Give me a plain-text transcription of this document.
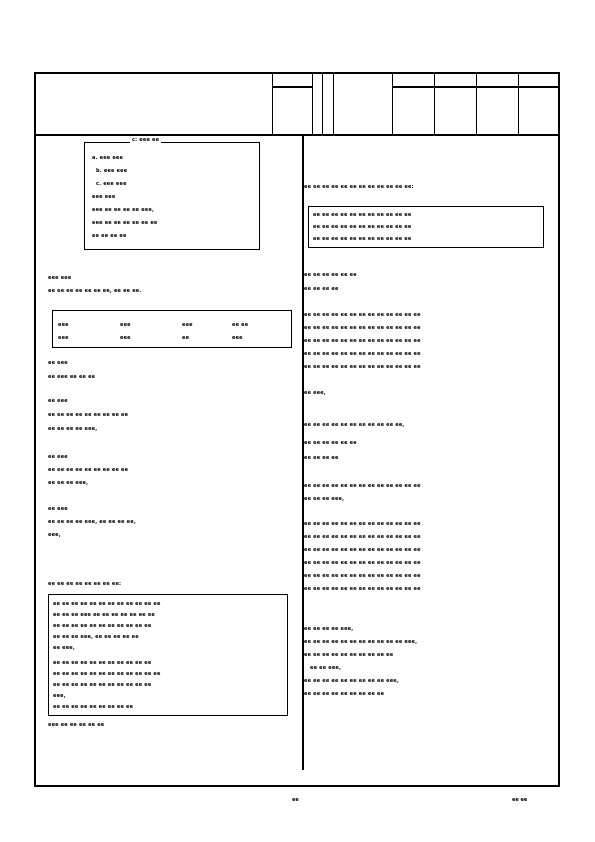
c: eee ee
a. eee eee
b. eee eee
c. eee eee
eee eee
eee ee ee ee ee eee,
eee ee ee ee ee ee ee
ee ee ee ee
eee eee
ee ee ee ee ee ee ee, ee ee ee.
eee	eee	eee	ee ee
eee	eee	ee	eee
ee eee
ee eee ee ee ee
ee eee
ee ee ee ee ee ee ee ee ee
ee ee ee ee eee,
ee eee
ee ee ee ee ee ee ee ee ee
ee ee ee eee,
ee eee
ee ee ee ee eee, ee ee ee ee,
eee,
ee ee ee ee ee ee ee ee:
ee ee ee ee ee ee ee ee ee ee ee ee
ee ee ee eee ee ee ee ee ee ee ee
ee ee ee ee ee ee ee ee ee ee ee
ee ee ee eee, ee ee ee ee ee
ee eee,
ee ee ee ee ee ee ee ee ee ee ee
ee ee ee ee ee ee ee ee ee ee ee ee
ee ee ee ee ee ee ee ee ee ee ee
eee,
ee ee ee ee ee ee ee ee ee
eee ee ee ee ee ee
ee ee ee ee ee ee ee ee ee ee ee ee:
ee ee ee ee ee ee ee ee ee ee ee
ee ee ee ee ee ee ee ee ee ee ee
ee ee ee ee ee ee ee ee ee ee ee
ee ee ee ee ee ee
ee ee ee ee
ee ee ee ee ee ee ee ee ee ee ee ee ee
ee ee ee ee ee ee ee ee ee ee ee ee ee
ee ee ee ee ee ee ee ee ee ee ee ee ee
ee ee ee ee ee ee ee ee ee ee ee ee ee
ee ee ee ee ee ee ee ee ee ee ee ee ee
ee eee,
ee ee ee ee ee ee ee ee ee ee ee,
ee ee ee ee ee ee
ee ee ee ee
ee ee ee ee ee ee ee ee ee ee ee ee ee
ee ee ee eee,
ee ee ee ee ee ee ee ee ee ee ee ee ee
ee ee ee ee ee ee ee ee ee ee ee ee ee
ee ee ee ee ee ee ee ee ee ee ee ee ee
ee ee ee ee ee ee ee ee ee ee ee ee ee
ee ee ee ee ee ee ee ee ee ee ee ee ee
ee ee ee ee ee ee ee ee ee ee ee ee ee
ee ee ee ee eee,
ee ee ee ee ee ee ee ee ee ee ee eee,
ee ee ee ee ee ee ee ee ee ee
ee ee eee,
ee ee ee ee ee ee ee ee ee eee,
ee ee ee ee ee ee ee ee ee
ee	ee ee
